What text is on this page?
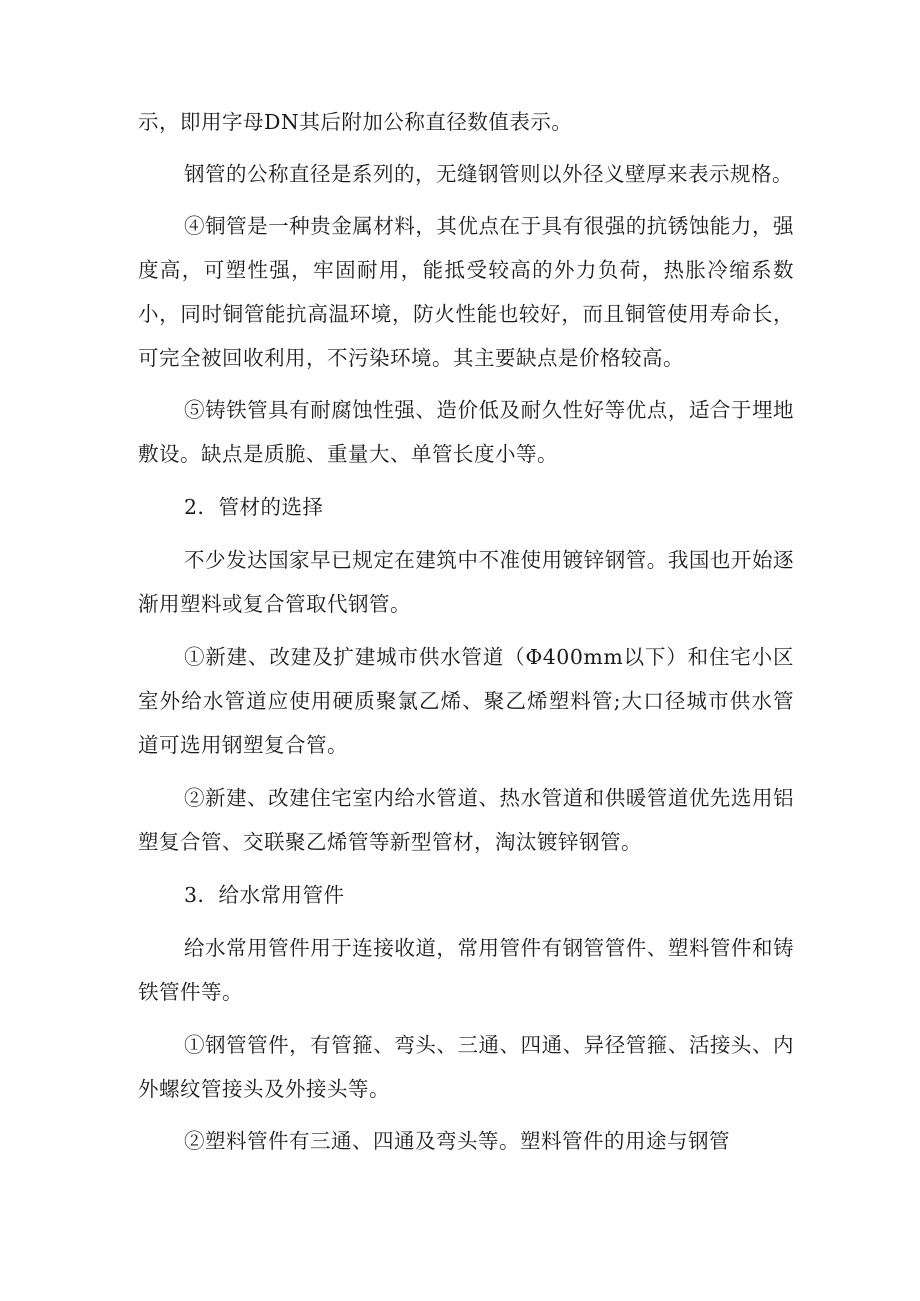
示，即用字母DN其后附加公称直径数值表示。

钢管的公称直径是系列的，无缝钢管则以外径义壁厚来表示规格。

④铜管是一种贵金属材料，其优点在于具有很强的抗锈蚀能力，强度高，可塑性强，牢固耐用，能抵受较高的外力负荷，热胀冷缩系数小，同时铜管能抗高温环境，防火性能也较好，而且铜管使用寿命长，可完全被回收利用，不污染环境。其主要缺点是价格较高。

⑤铸铁管具有耐腐蚀性强、造价低及耐久性好等优点，适合于埋地敷设。缺点是质脆、重量大、单管长度小等。

2．管材的选择

不少发达国家早已规定在建筑中不准使用镀锌钢管。我国也开始逐渐用塑料或复合管取代钢管。

①新建、改建及扩建城市供水管道（Φ400mm以下）和住宅小区室外给水管道应使用硬质聚氯乙烯、聚乙烯塑料管;大口径城市供水管道可选用钢塑复合管。

②新建、改建住宅室内给水管道、热水管道和供暖管道优先选用铝塑复合管、交联聚乙烯管等新型管材，淘汰镀锌钢管。

3．给水常用管件

给水常用管件用于连接收道，常用管件有钢管管件、塑料管件和铸铁管件等。

①钢管管件，有管箍、弯头、三通、四通、异径管箍、活接头、内外螺纹管接头及外接头等。

②塑料管件有三通、四通及弯头等。塑料管件的用途与钢管
